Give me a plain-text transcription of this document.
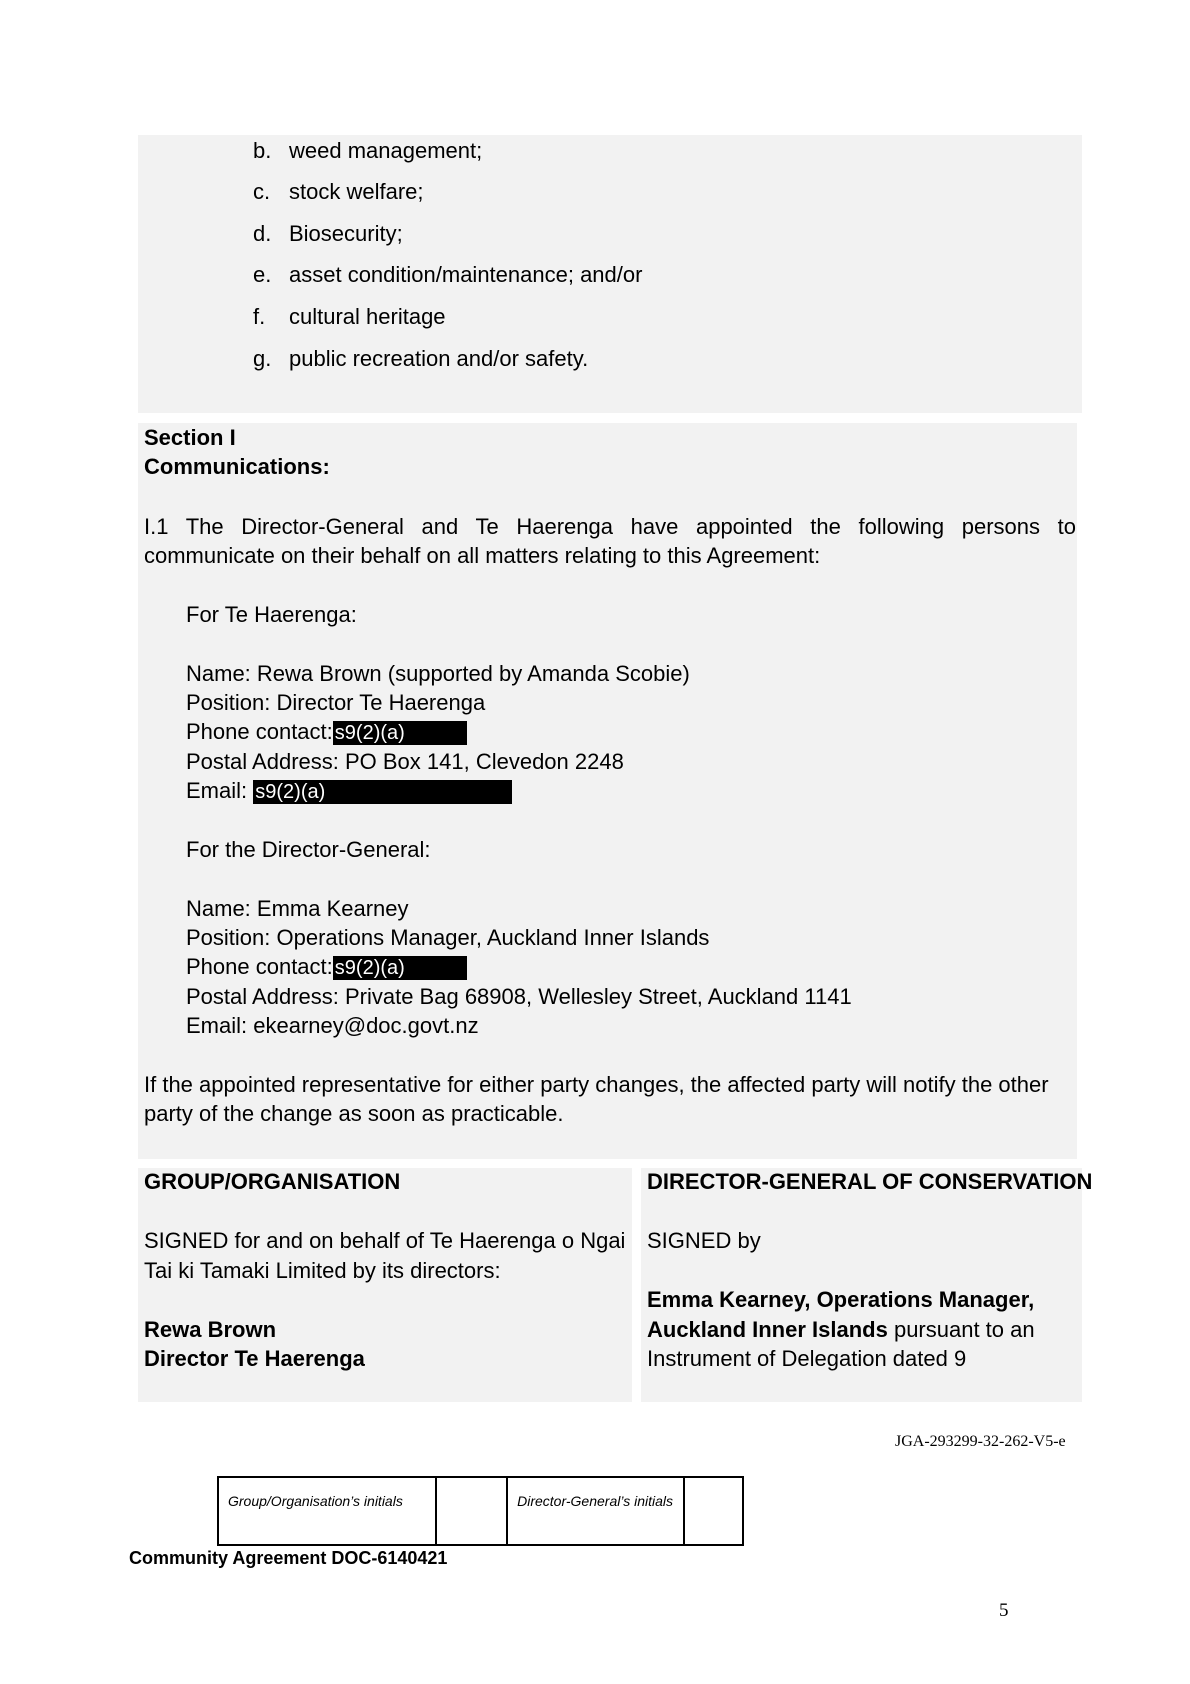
b. weed management;
c. stock welfare;
d. Biosecurity;
e. asset condition/maintenance; and/or
f. cultural heritage
g. public recreation and/or safety.
Section I
Communications:
I.1 The Director-General and Te Haerenga have appointed the following persons to
communicate on their behalf on all matters relating to this Agreement:
For Te Haerenga:
Name: Rewa Brown (supported by Amanda Scobie)
Position: Director Te Haerenga
Phone contact: s9(2)(a)
Postal Address: PO Box 141, Clevedon 2248
Email: s9(2)(a)
For the Director-General:
Name: Emma Kearney
Position: Operations Manager, Auckland Inner Islands
Phone contact: s9(2)(a)
Postal Address: Private Bag 68908, Wellesley Street, Auckland 1141
Email: ekearney@doc.govt.nz
If the appointed representative for either party changes, the affected party will notify the other
party of the change as soon as practicable.
GROUP/ORGANISATION
SIGNED for and on behalf of Te Haerenga o Ngai
Tai ki Tamaki Limited by its directors:
Rewa Brown
Director Te Haerenga
DIRECTOR-GENERAL OF CONSERVATION
SIGNED by
Emma Kearney, Operations Manager,
Auckland Inner Islands pursuant to an
Instrument of Delegation dated 9
JGA-293299-32-262-V5-e
Group/Organisation’s initials		Director-General’s initials	
Community Agreement DOC-6140421
5
